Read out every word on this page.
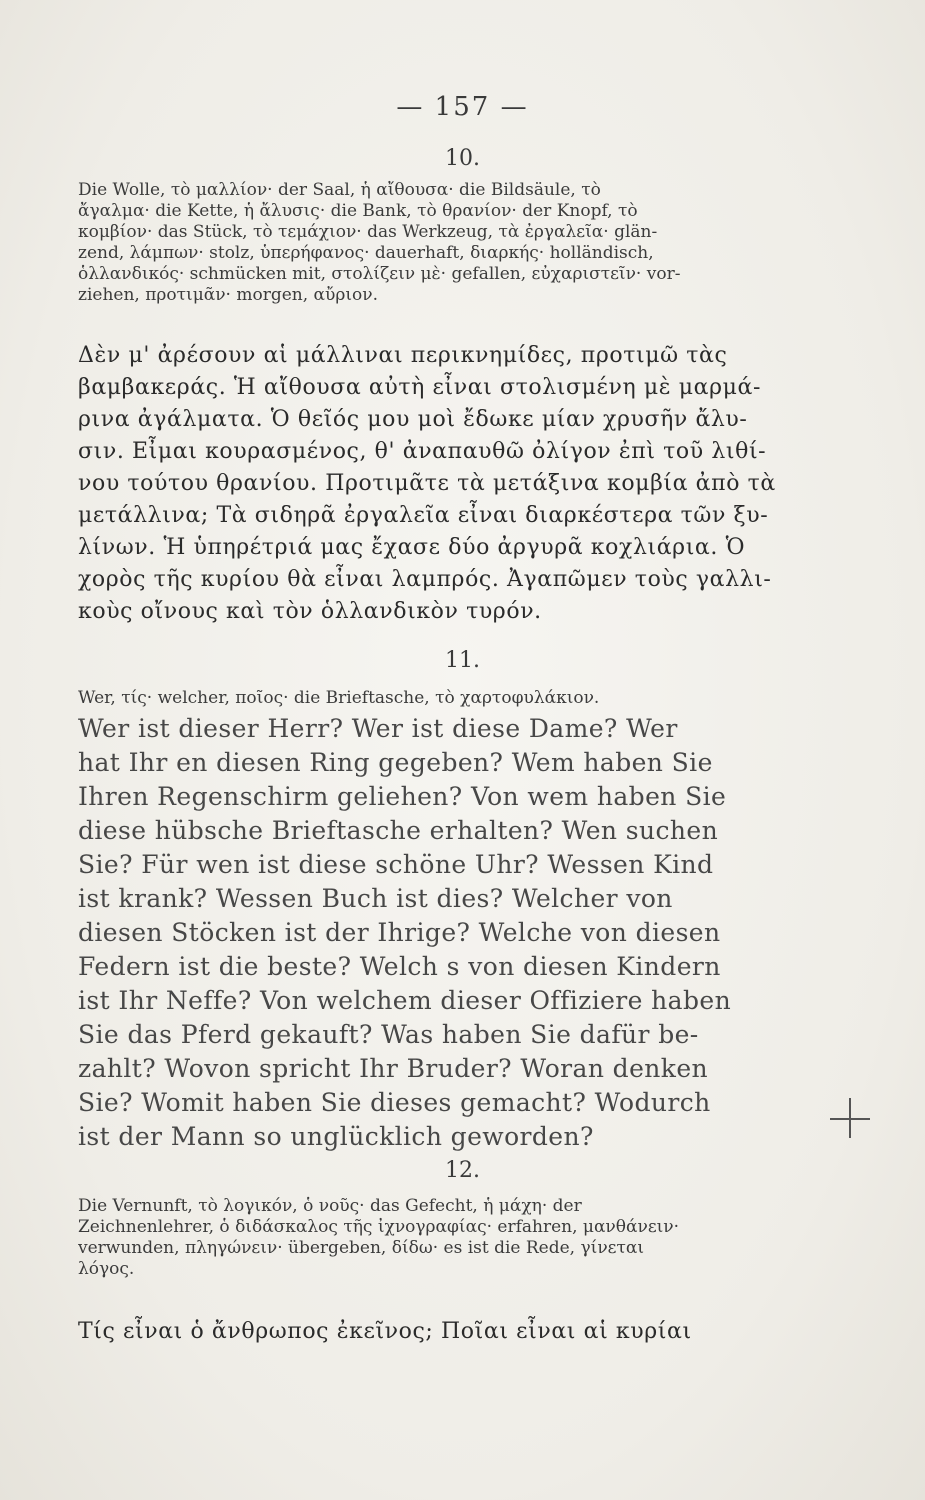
— 157 —
10.
Die Wolle, τὸ μαλλίον· der Saal, ἡ αἴθουσα· die Bildsäule, τὸ
ἄγαλμα· die Kette, ἡ ἄλυσις· die Bank, τὸ θρανίον· der Knopf, τὸ
κομβίον· das Stück, τὸ τεμάχιον· das Werkzeug, τὰ ἐργαλεῖα· glän-
zend, λάμπων· stolz, ὑπερήφανος· dauerhaft, διαρκής· holländisch,
ὁλλανδικός· schmücken mit, στολίζειν μὲ· gefallen, εὐχαριστεῖν· vor-
ziehen, προτιμᾶν· morgen, αὔριον.
Δὲν μ' ἀρέσουν αἱ μάλλιναι περικνημίδες, προτιμῶ τὰς
βαμβακεράς. Ἡ αἴθουσα αὐτὴ εἶναι στολισμένη μὲ μαρμά-
ρινα ἀγάλματα. Ὁ θεῖός μου μοὶ ἔδωκε μίαν χρυσῆν ἄλυ-
σιν. Εἶμαι κουρασμένος, θ' ἀναπαυθῶ ὀλίγον ἐπὶ τοῦ λιθί-
νου τούτου θρανίου. Προτιμᾶτε τὰ μετάξινα κομβία ἀπὸ τὰ
μετάλλινα; Τὰ σιδηρᾶ ἐργαλεῖα εἶναι διαρκέστερα τῶν ξυ-
λίνων. Ἡ ὑπηρέτριά μας ἔχασε δύο ἀργυρᾶ κοχλιάρια. Ὁ
χορὸς τῆς κυρίου θὰ εἶναι λαμπρός. Ἀγαπῶμεν τοὺς γαλλι-
κοὺς οἴνους καὶ τὸν ὁλλανδικὸν τυρόν.
11.
Wer, τίς· welcher, ποῖος· die Brieftasche, τὸ χαρτοφυλάκιον.
Wer ist dieser Herr? Wer ist diese Dame? Wer
hat Ihr en diesen Ring gegeben? Wem haben Sie
Ihren Regenschirm geliehen? Von wem haben Sie
diese hübsche Brieftasche erhalten? Wen suchen
Sie? Für wen ist diese schöne Uhr? Wessen Kind
ist krank? Wessen Buch ist dies? Welcher von
diesen Stöcken ist der Ihrige? Welche von diesen
Federn ist die beste? Welch s von diesen Kindern
ist Ihr Neffe? Von welchem dieser Offiziere haben
Sie das Pferd gekauft? Was haben Sie dafür be-
zahlt? Wovon spricht Ihr Bruder? Woran denken
Sie? Womit haben Sie dieses gemacht? Wodurch
ist der Mann so unglücklich geworden?
12.
Die Vernunft, τὸ λογικόν, ὁ νοῦς· das Gefecht, ἡ μάχη· der
Zeichnenlehrer, ὁ διδάσκαλος τῆς ἰχνογραφίας· erfahren, μανθάνειν·
verwunden, πληγώνειν· übergeben, δίδω· es ist die Rede, γίνεται
λόγος.
Τίς εἶναι ὁ ἄνθρωπος ἐκεῖνος; Ποῖαι εἶναι αἱ κυρίαι
